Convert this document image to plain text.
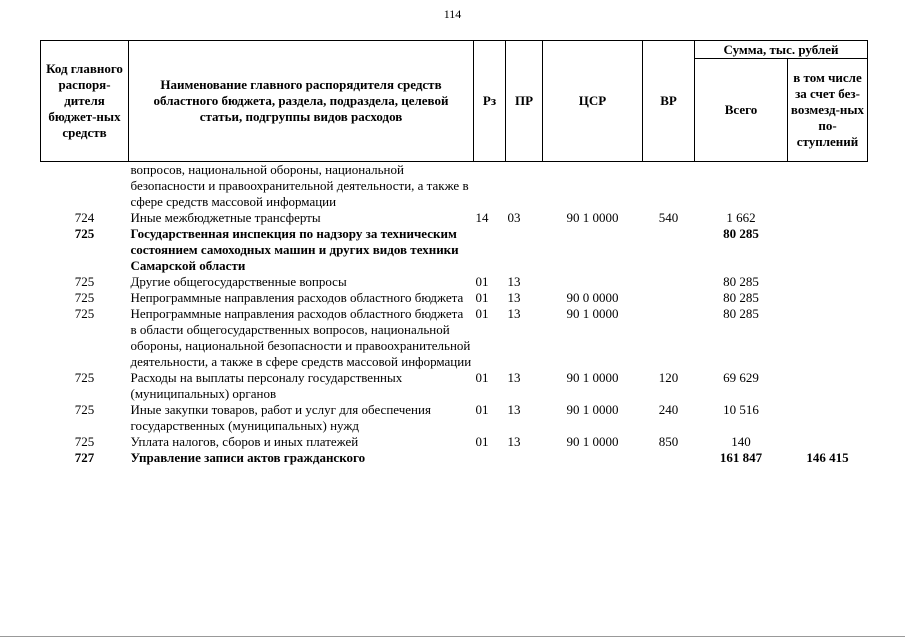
114
Код главного распоря-дителя бюджет-ных средств	Наименование главного распорядителя средств областного бюджета, раздела, подраздела, целевой статьи, подгруппы видов расходов	Рз	ПР	ЦСР	ВР	Сумма, тыс. рублей	
						Всего	в том числе за счет без-возмезд-ных по-ступлений
	вопросов, национальной обороны, национальной безопасности и правоохранительной деятельности, а также в сфере средств массовой информации						
724	Иные межбюджетные трансферты	14	03	90 1 0000	540	1 662	
725	Государственная инспекция по надзору за техническим состоянием самоходных машин и других видов техники Самарской области					80 285	
725	Другие общегосударственные вопросы	01	13			80 285	
725	Непрограммные направления расходов областного бюджета	01	13	90 0 0000		80 285	
725	Непрограммные направления расходов областного бюджета в области общегосударственных вопросов, национальной обороны, национальной безопасности и правоохранительной деятельности, а также в сфере средств массовой информации	01	13	90 1 0000		80 285	
725	Расходы на выплаты персоналу государственных (муниципальных) органов	01	13	90 1 0000	120	69 629	
725	Иные закупки товаров, работ и услуг для обеспечения государственных (муниципальных) нужд	01	13	90 1 0000	240	10 516	
725	Уплата налогов, сборов и иных платежей	01	13	90 1 0000	850	140	
727	Управление записи актов гражданского					161 847	146 415
